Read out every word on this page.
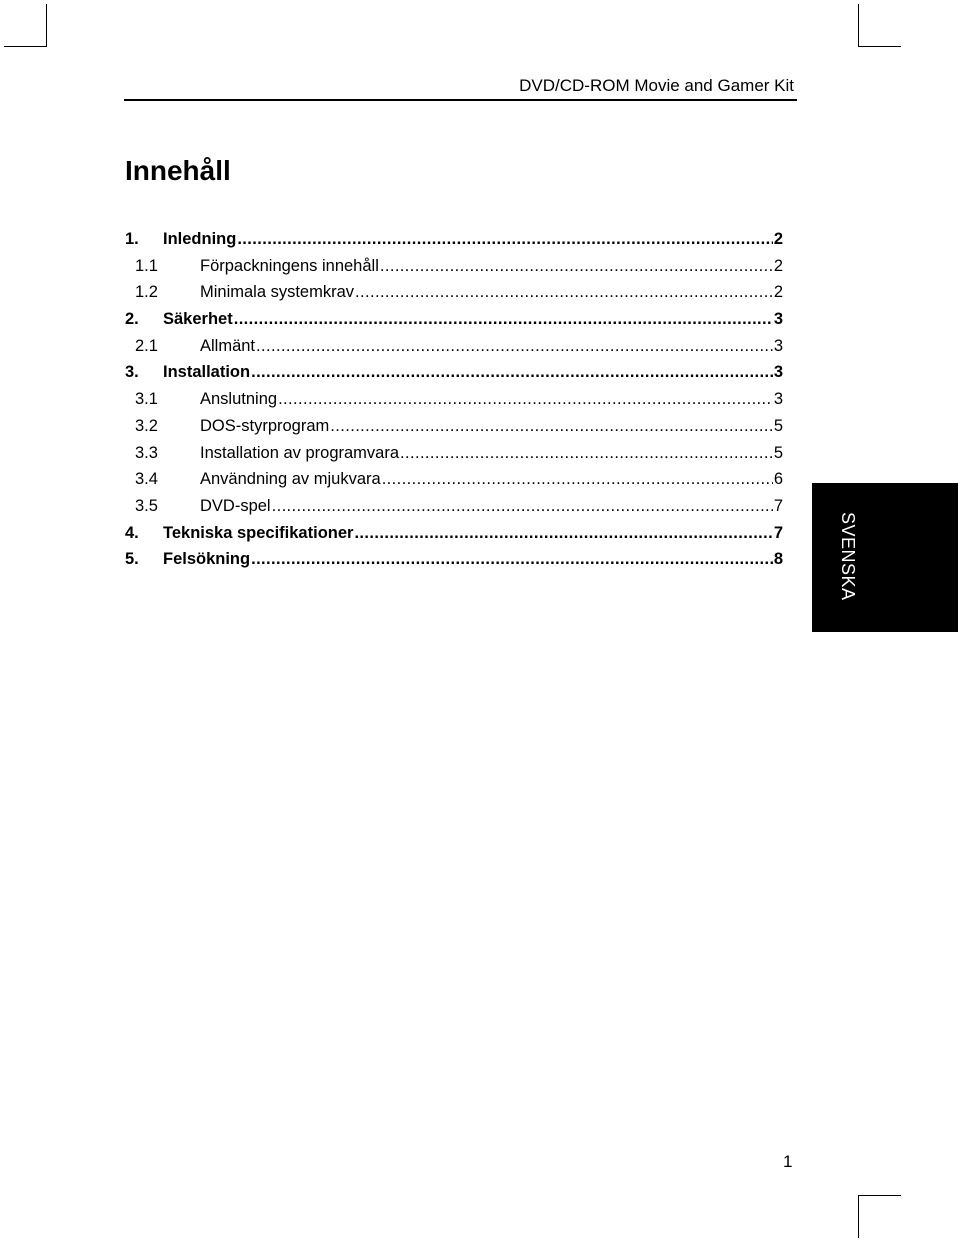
DVD/CD-ROM Movie and Gamer Kit
Innehåll
1.	Inledning .....	2
1.1	Förpackningens innehåll .....	2
1.2	Minimala systemkrav .....	2
2.	Säkerhet .....	3
2.1	Allmänt .....	3
3.	Installation .....	3
3.1	Anslutning .....	3
3.2	DOS-styrprogram .....	5
3.3	Installation av programvara .....	5
3.4	Användning av mjukvara .....	6
3.5	DVD-spel .....	7
4.	Tekniska specifikationer .....	7
5.	Felsökning .....	8	SVENSKA
1
